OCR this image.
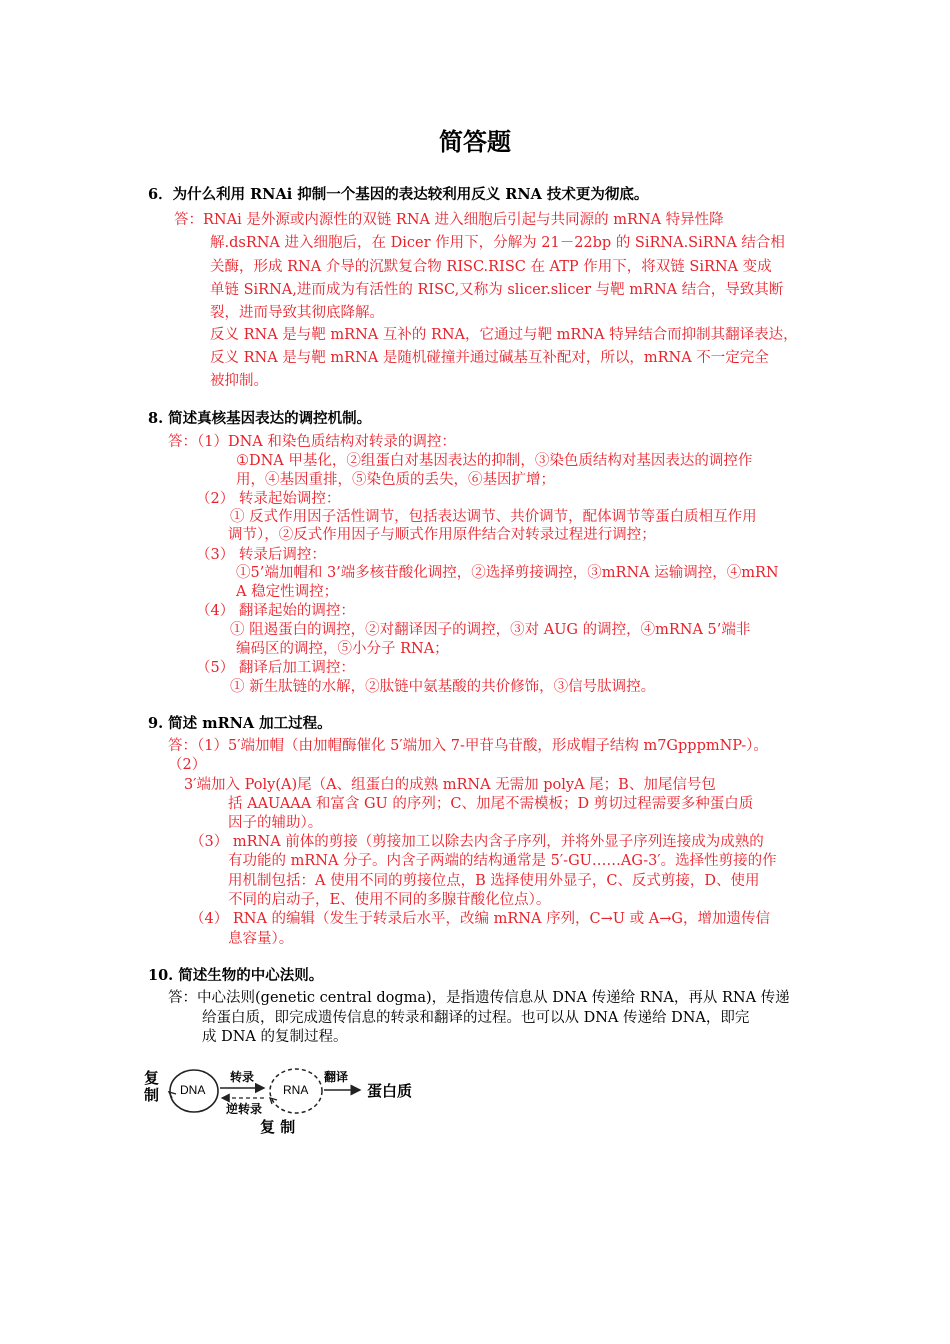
简答题
6．为什么利用 RNAi 抑制一个基因的表达较利用反义 RNA 技术更为彻底。
答：RNAi 是外源或内源性的双链 RNA 进入细胞后引起与共同源的 mRNA 特异性降
解.dsRNA 进入细胞后，在 Dicer 作用下，分解为 21－22bp 的 SiRNA.SiRNA 结合相
关酶，形成 RNA 介导的沉默复合物 RISC.RISC 在 ATP 作用下，将双链 SiRNA 变成
单链 SiRNA,进而成为有活性的 RISC,又称为 slicer.slicer 与靶 mRNA 结合，导致其断
裂，进而导致其彻底降解。
反义 RNA 是与靶 mRNA 互补的 RNA，它通过与靶 mRNA 特异结合而抑制其翻译表达，
反义 RNA 是与靶 mRNA 是随机碰撞并通过碱基互补配对，所以，mRNA 不一定完全
被抑制。
8. 简述真核基因表达的调控机制。
答：（1）DNA 和染色质结构对转录的调控：
①DNA 甲基化，②组蛋白对基因表达的抑制，③染色质结构对基因表达的调控作
用，④基因重排，⑤染色质的丢失，⑥基因扩增；
（2） 转录起始调控：
① 反式作用因子活性调节，包括表达调节、共价调节，配体调节等蛋白质相互作用
调节），②反式作用因子与顺式作用原件结合对转录过程进行调控；
（3） 转录后调控：
①5’端加帽和 3’端多核苷酸化调控，②选择剪接调控，③mRNA 运输调控，④mRN
A 稳定性调控；
（4） 翻译起始的调控：
① 阻遏蛋白的调控，②对翻译因子的调控，③对 AUG 的调控，④mRNA 5’端非
编码区的调控，⑤小分子 RNA；
（5） 翻译后加工调控：
① 新生肽链的水解，②肽链中氨基酸的共价修饰，③信号肽调控。
9. 简述 mRNA 加工过程。
答：（1）5′端加帽（由加帽酶催化 5′端加入 7-甲苷乌苷酸，形成帽子结构 m7GpppmNP-）。
（2）
3′端加入 Poly(A)尾（A、组蛋白的成熟 mRNA 无需加 polyA 尾；B、加尾信号包
括 AAUAAA 和富含 GU 的序列；C、加尾不需模板；D 剪切过程需要多种蛋白质
因子的辅助）。
（3） mRNA 前体的剪接（剪接加工以除去内含子序列，并将外显子序列连接成为成熟的
有功能的 mRNA 分子。内含子两端的结构通常是 5′-GU……AG-3′。选择性剪接的作
用机制包括：A 使用不同的剪接位点，B 选择使用外显子，C、反式剪接，D、使用
不同的启动子，E、使用不同的多腺苷酸化位点）。
（4） RNA 的编辑（发生于转录后水平，改编 mRNA 序列，C→U 或 A→G，增加遗传信
息容量）。
10. 简述生物的中心法则。
答：中心法则(genetic central dogma)，是指遗传信息从 DNA 传递给 RNA，再从 RNA 传递
给蛋白质，即完成遗传信息的转录和翻译的过程。也可以从 DNA 传递给 DNA，即完
成 DNA 的复制过程。
复
制 DNA
转录
逆转录
RNA
翻译
蛋白质
复 制
